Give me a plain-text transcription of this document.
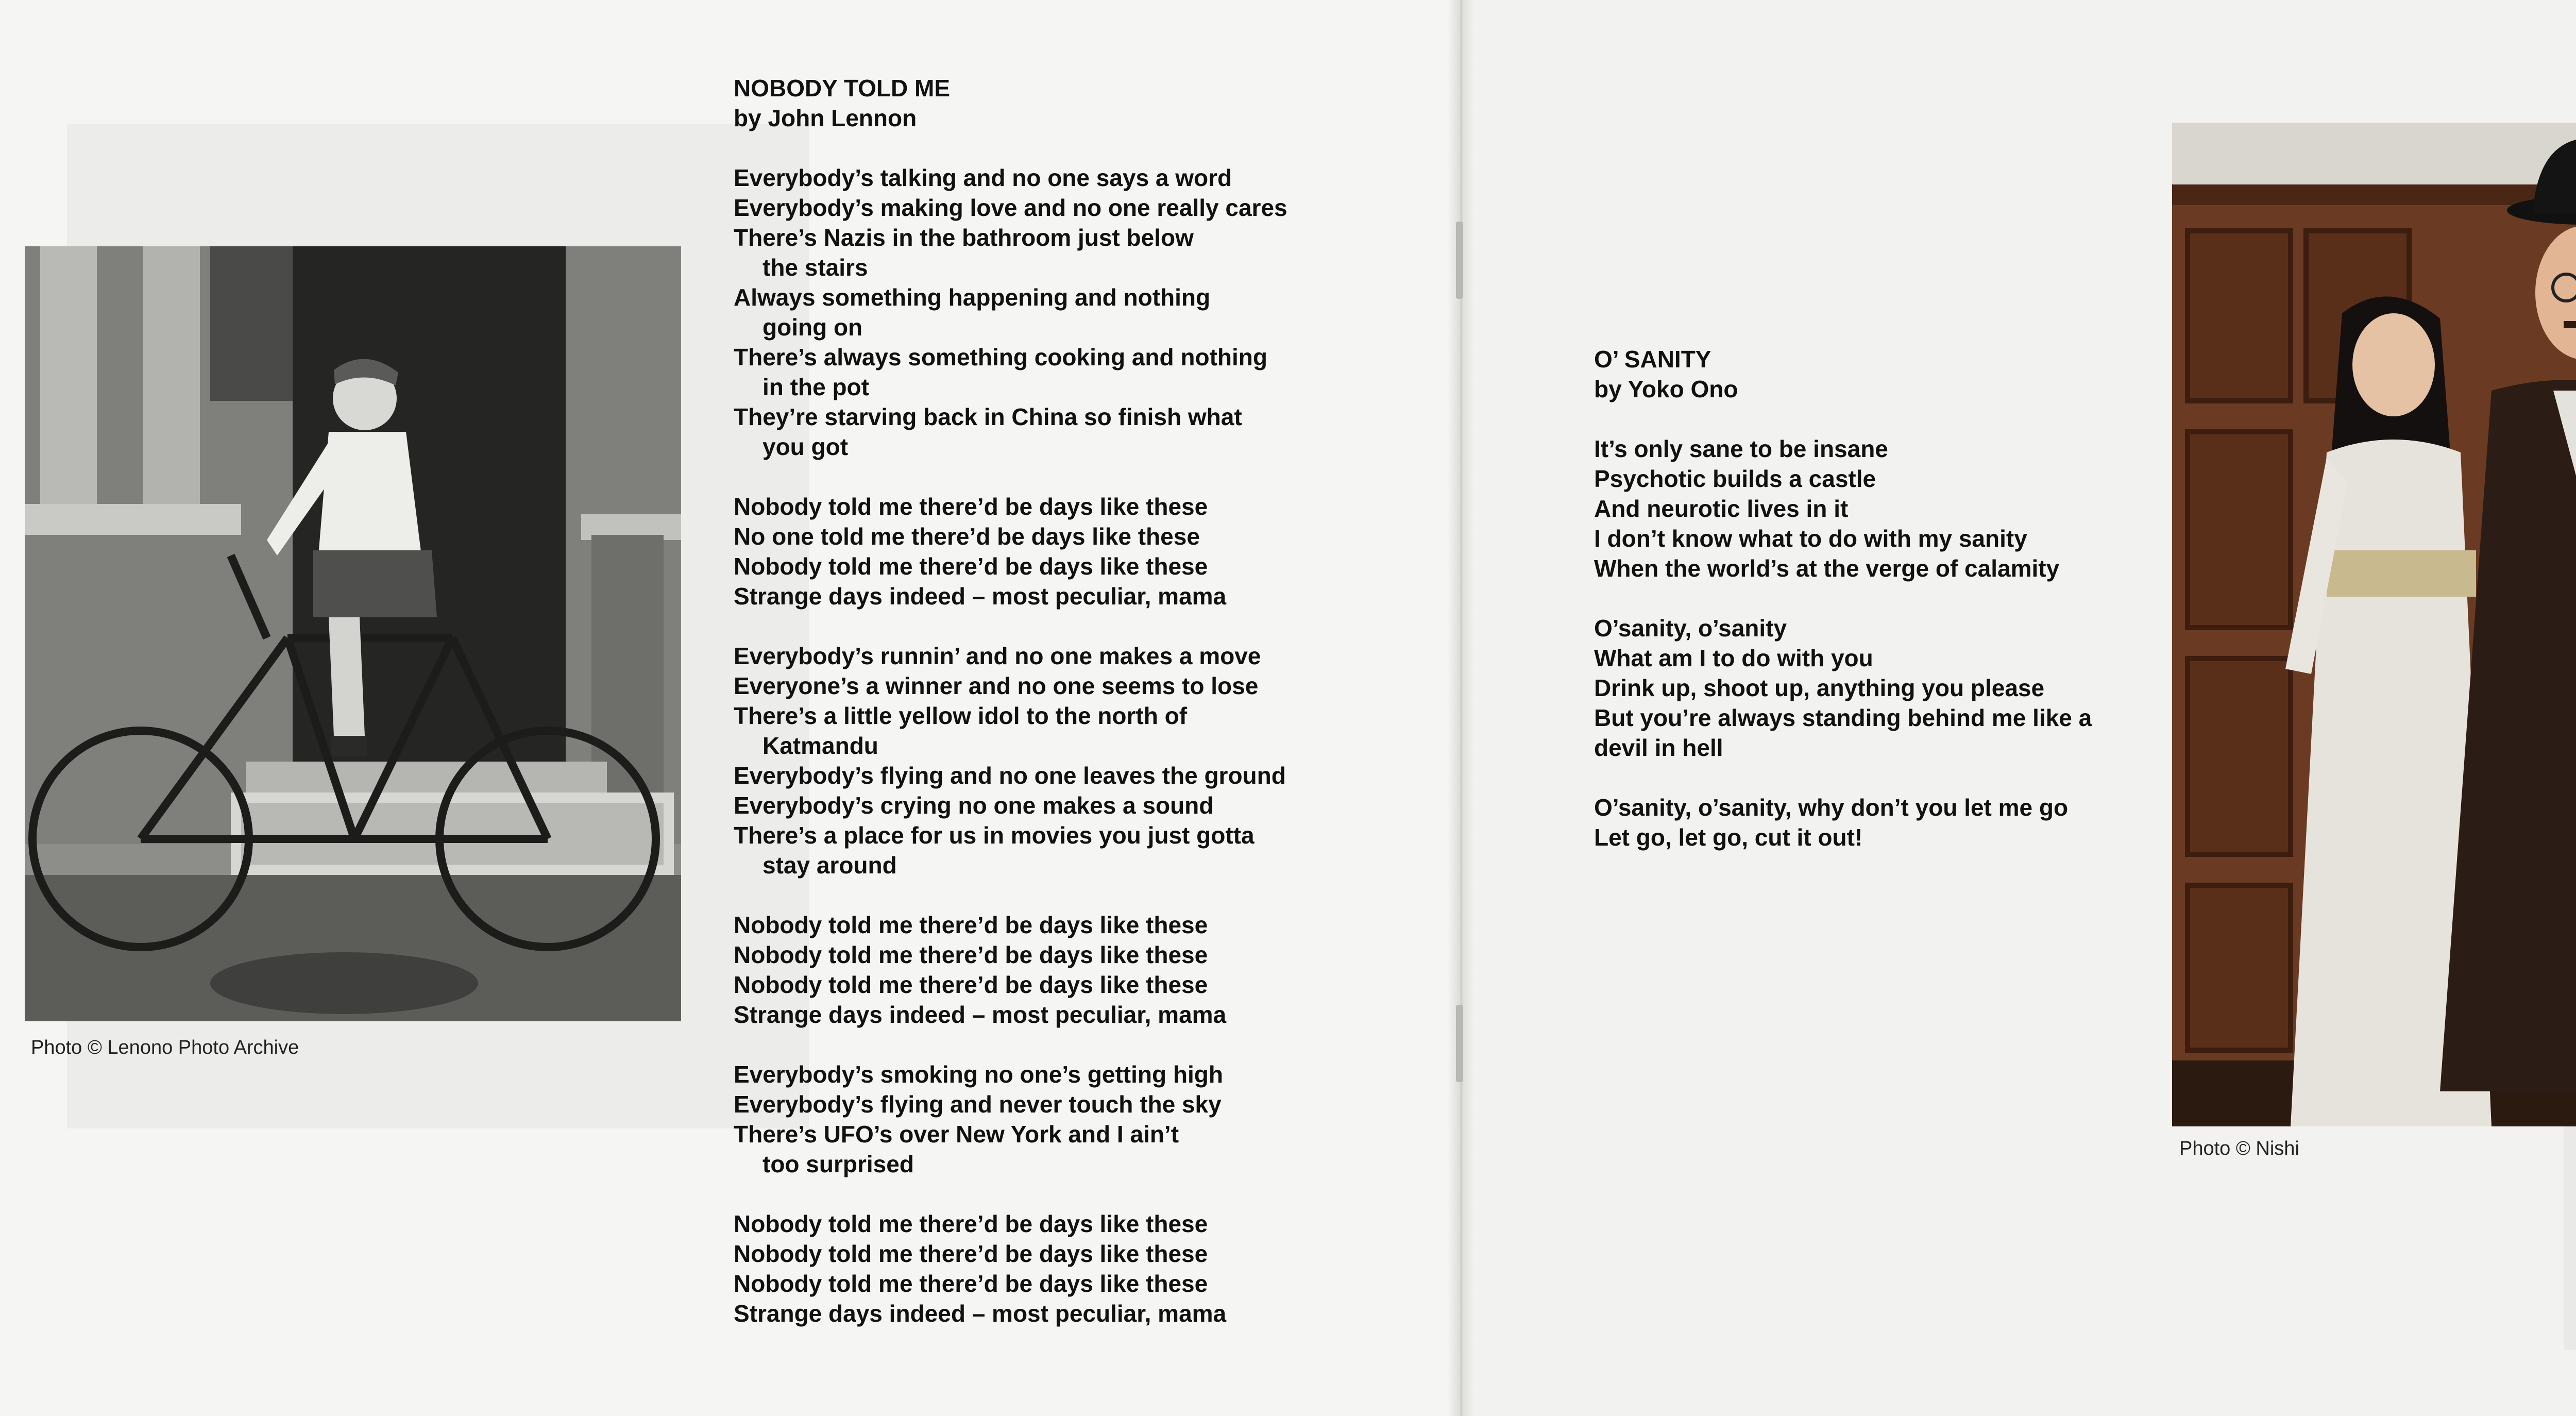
Photo © Lenono Photo Archive
NOBODY TOLD ME
by John Lennon
Everybody’s talking and no one says a word
Everybody’s making love and no one really cares
There’s Nazis in the bathroom just below
the stairs
Always something happening and nothing
going on
There’s always something cooking and nothing
in the pot
They’re starving back in China so finish what
you got
Nobody told me there’d be days like these
No one told me there’d be days like these
Nobody told me there’d be days like these
Strange days indeed – most peculiar, mama
Everybody’s runnin’ and no one makes a move
Everyone’s a winner and no one seems to lose
There’s a little yellow idol to the north of
Katmandu
Everybody’s flying and no one leaves the ground
Everybody’s crying no one makes a sound
There’s a place for us in movies you just gotta
stay around
Nobody told me there’d be days like these
Nobody told me there’d be days like these
Nobody told me there’d be days like these
Strange days indeed – most peculiar, mama
Everybody’s smoking no one’s getting high
Everybody’s flying and never touch the sky
There’s UFO’s over New York and I ain’t
too surprised
Nobody told me there’d be days like these
Nobody told me there’d be days like these
Nobody told me there’d be days like these
Strange days indeed – most peculiar, mama
O’ SANITY
by Yoko Ono
It’s only sane to be insane
Psychotic builds a castle
And neurotic lives in it
I don’t know what to do with my sanity
When the world’s at the verge of calamity
O’sanity, o’sanity
What am I to do with you
Drink up, shoot up, anything you please
But you’re always standing behind me like a
devil in hell
O’sanity, o’sanity, why don’t you let me go
Let go, let go, cut it out!
Photo © Nishi
